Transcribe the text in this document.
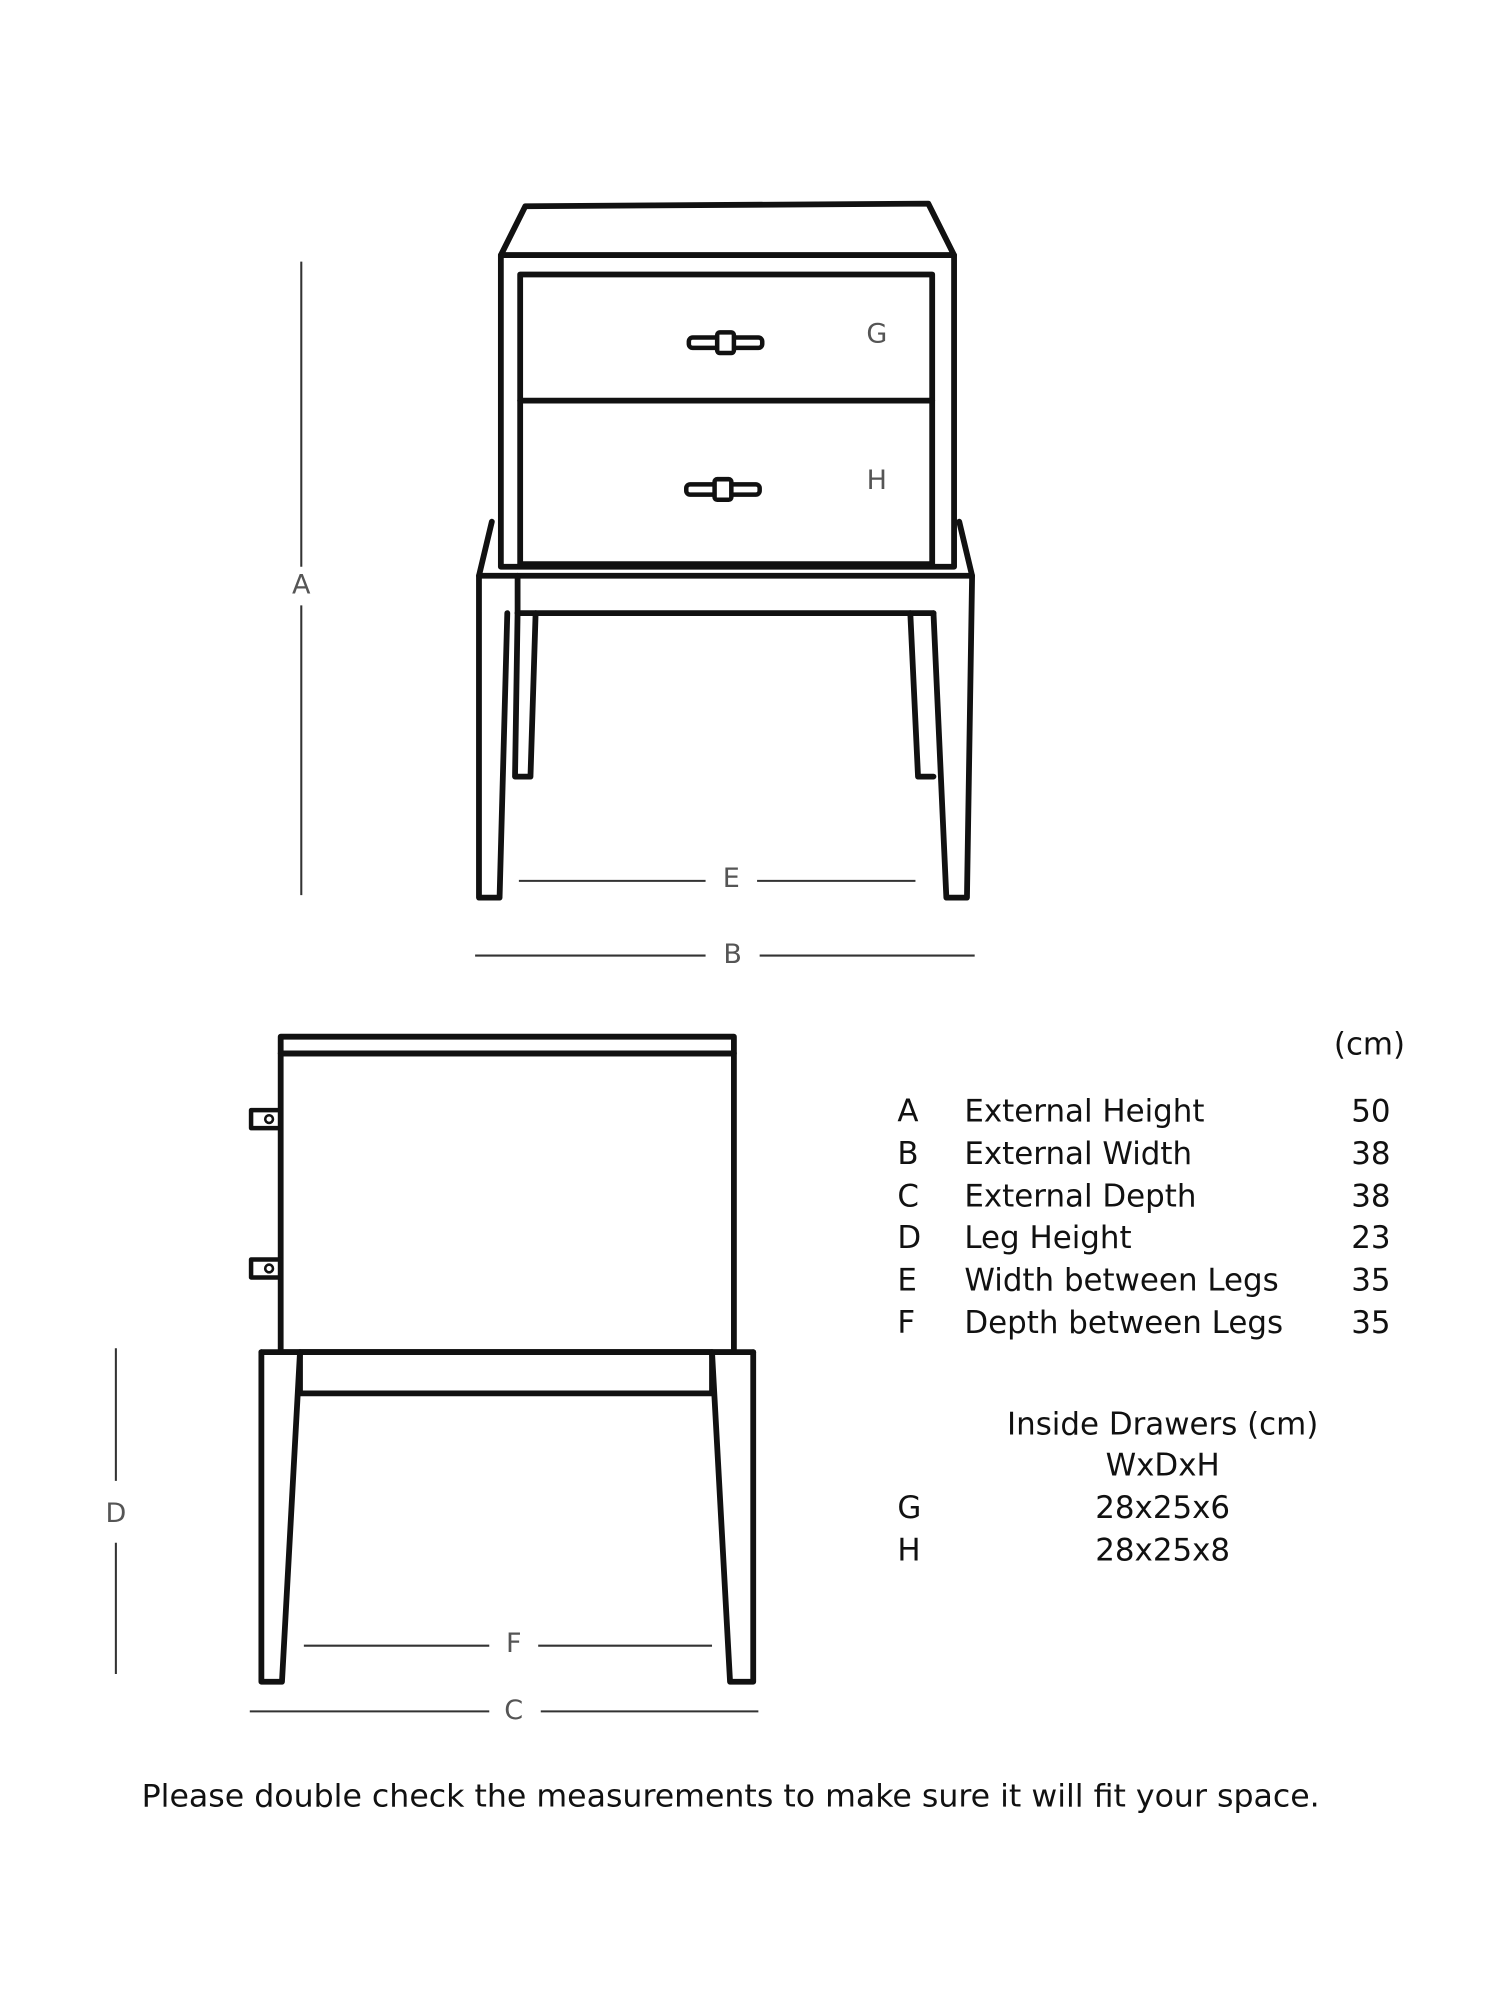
G
H
A
E
B
D
F
C
(cm)
A External Height	50
B External Width	38
C External Depth	38
D Leg Height	23
E Width between Legs	35
F Depth between Legs	35
Inside Drawers (cm)
WxDxH
G	28x25x6
H	28x25x8
Please double check the measurements to make sure it will fit your space.
